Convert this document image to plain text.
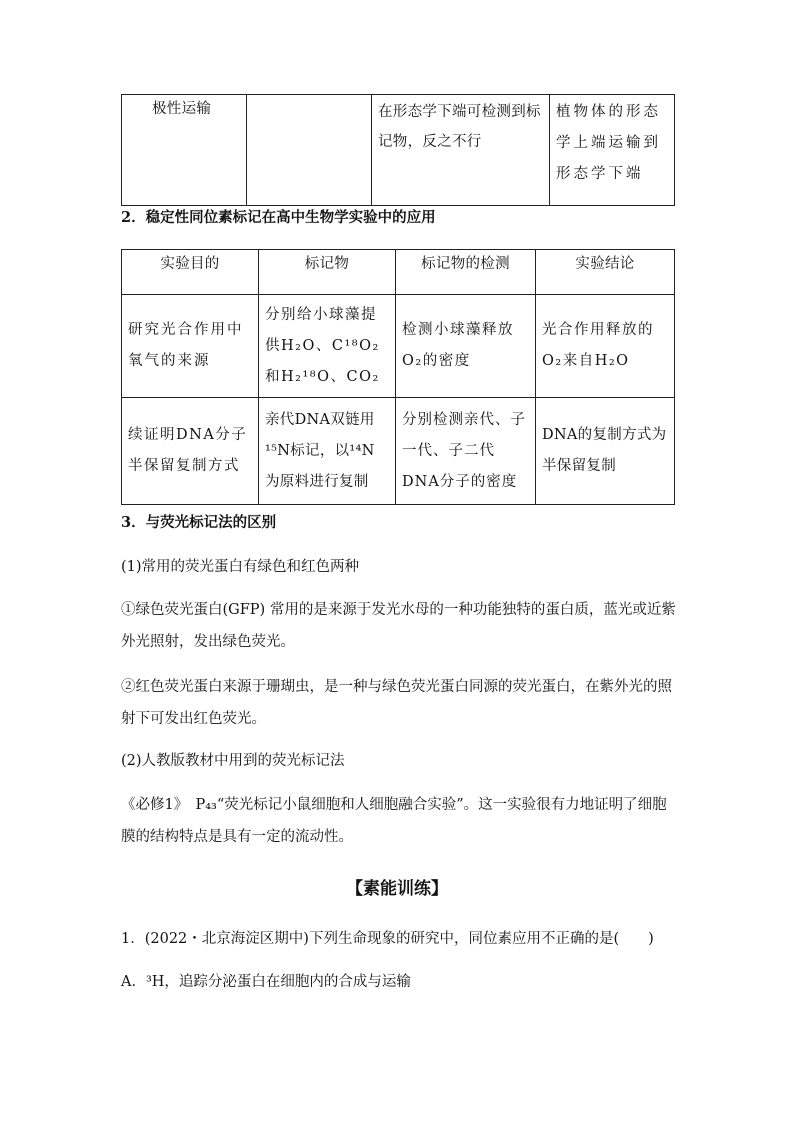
极性运输		在形态学下端可检测到标记物，反之不行	植物体的形态学上端运输到形态学下端
2．稳定性同位素标记在高中生物学实验中的应用
实验目的	标记物	标记物的检测	实验结论
研究光合作用中氧气的来源	分别给小球藻提供H₂O、C¹⁸O₂和H₂¹⁸O、CO₂	检测小球藻释放O₂的密度	光合作用释放的O₂来自H₂O
续证明DNA分子半保留复制方式	亲代DNA双链用¹⁵N标记，以¹⁴N为原料进行复制	分别检测亲代、子一代、子二代DNA分子的密度	DNA的复制方式为半保留复制
3．与荧光标记法的区别
(1)常用的荧光蛋白有绿色和红色两种
①绿色荧光蛋白(GFP) 常用的是来源于发光水母的一种功能独特的蛋白质，蓝光或近紫外光照射，发出绿色荧光。
②红色荧光蛋白来源于珊瑚虫，是一种与绿色荧光蛋白同源的荧光蛋白，在紫外光的照射下可发出红色荧光。
(2)人教版教材中用到的荧光标记法
《必修1》　P₄₃“荧光标记小鼠细胞和人细胞融合实验”。这一实验很有力地证明了细胞膜的结构特点是具有一定的流动性。
【素能训练】
1．(2022・北京海淀区期中)下列生命现象的研究中，同位素应用不正确的是(　　)
A．³H，追踪分泌蛋白在细胞内的合成与运输
